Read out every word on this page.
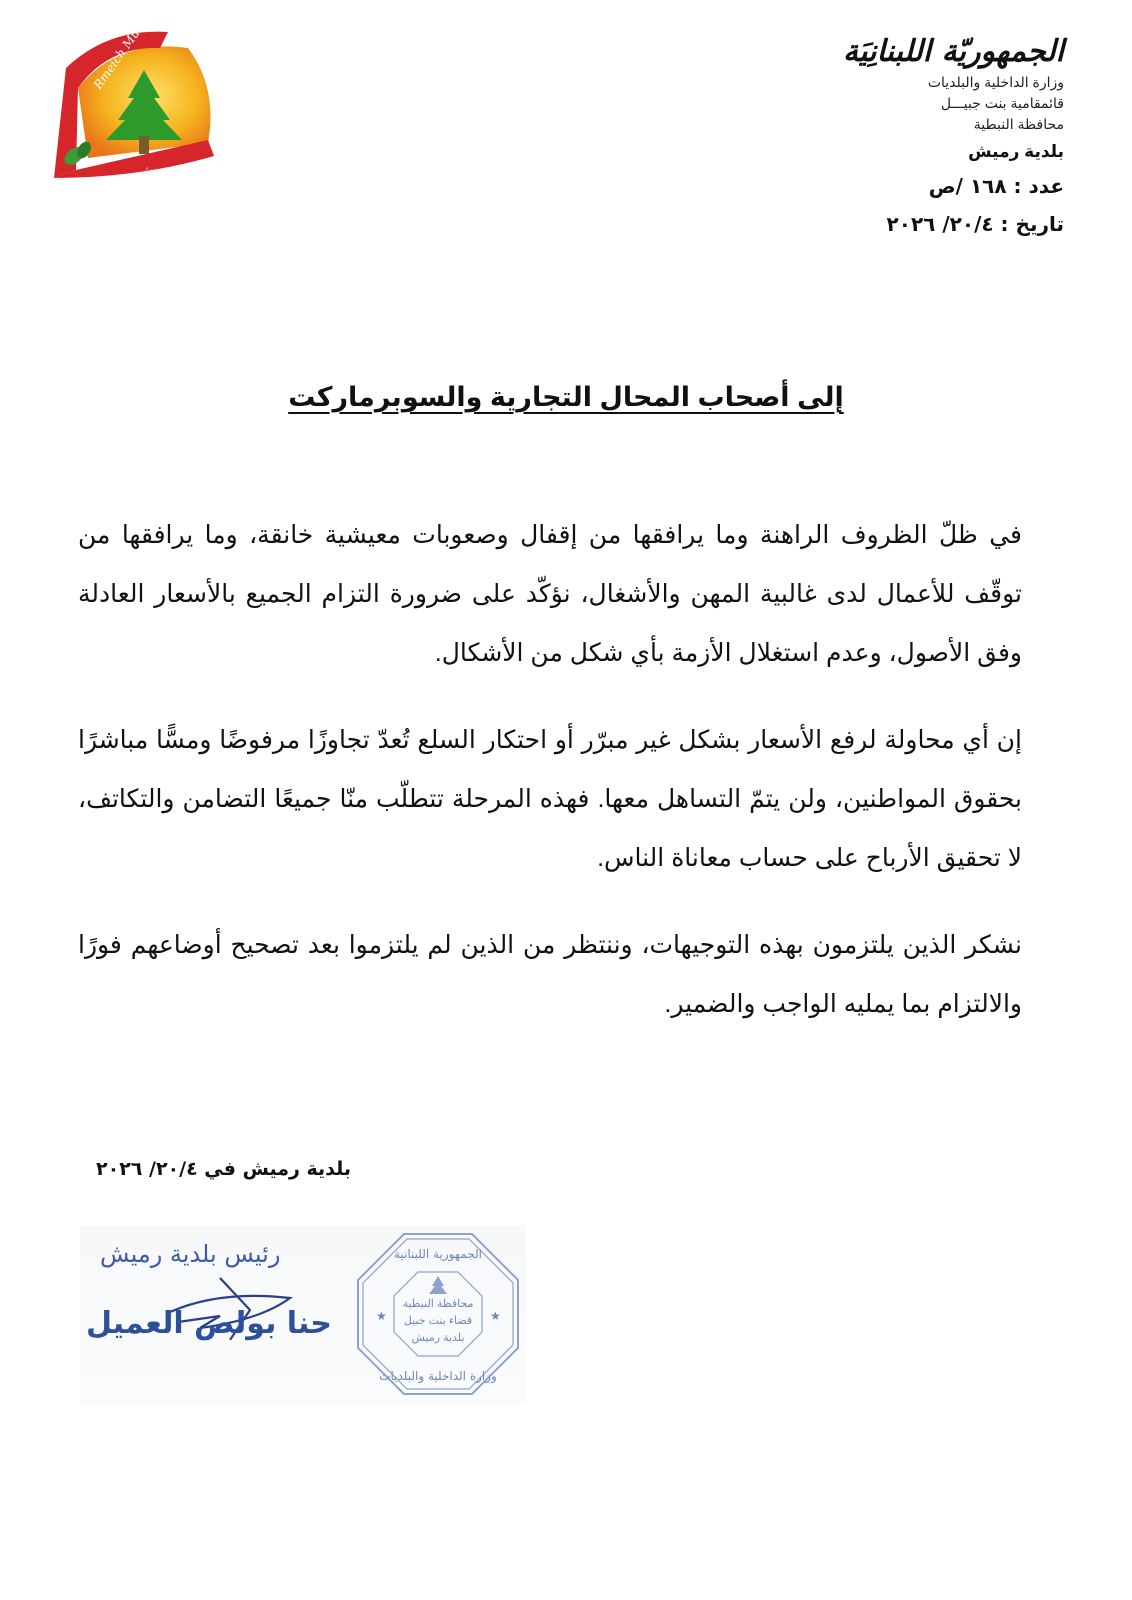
بلدية رميش
الجمهوريّة اللبنانِيَة
وزارة الداخلية والبلديات
قائمقامية بنت جبيـــل
محافظة النبطية
بلدية رميش
عدد : ١٦٨ /ص
تاريخ : ٢٠/٤/ ٢٠٢٦
إلى أصحاب المحال التجارية والسوبرماركت

في ظلّ الظروف الراهنة وما يرافقها من إقفال وصعوبات معيشية خانقة، وما يرافقها من توقّف للأعمال لدى غالبية المهن والأشغال، نؤكّد على ضرورة التزام الجميع بالأسعار العادلة وفق الأصول، وعدم استغلال الأزمة بأي شكل من الأشكال.

إن أي محاولة لرفع الأسعار بشكل غير مبرّر أو احتكار السلع تُعدّ تجاوزًا مرفوضًا ومسًّا مباشرًا بحقوق المواطنين، ولن يتمّ التساهل معها. فهذه المرحلة تتطلّب منّا جميعًا التضامن والتكاتف، لا تحقيق الأرباح على حساب معاناة الناس.

نشكر الذين يلتزمون بهذه التوجيهات، وننتظر من الذين لم يلتزموا بعد تصحيح أوضاعهم فورًا والالتزام بما يمليه الواجب والضمير.

بلدية رميش في ٢٠/٤/ ٢٠٢٦
رئيس بلدية رميش
حنا بولص العميل
الجمهورية اللبنانية
وزارة الداخلية والبلديات
★	★
محافظة النبطية
قضاء بنت جبيل
بلدية رميش
